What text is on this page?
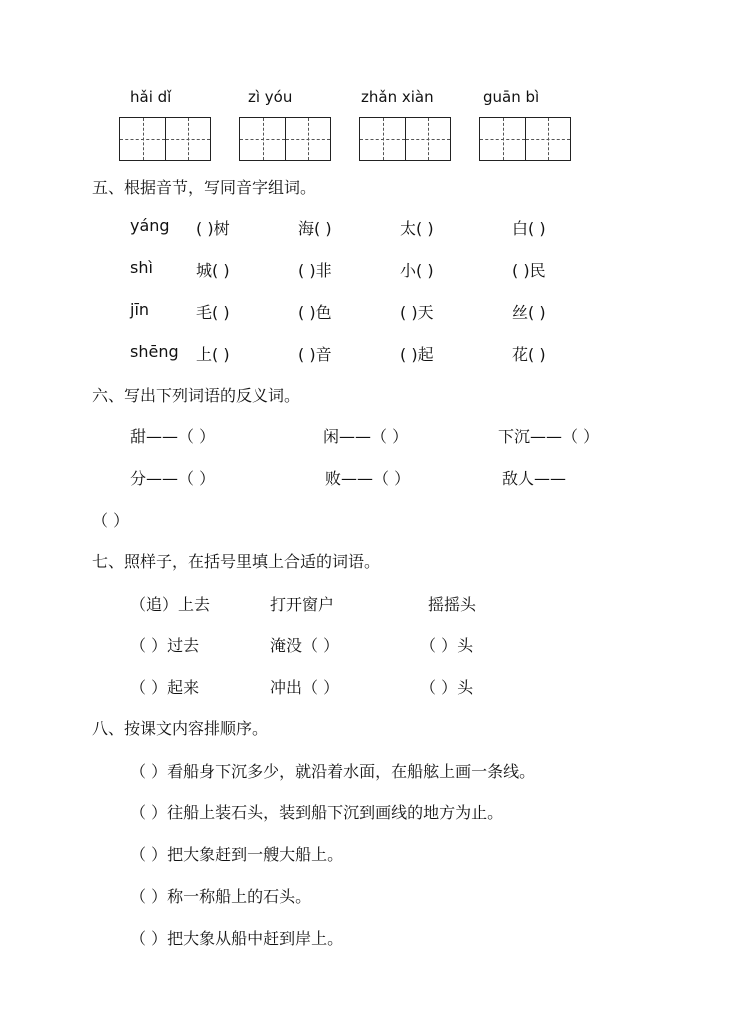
hǎi dǐ	zì yóu	zhǎn xiàn	guān bì
五、根据音节，写同音字组词。
yáng ( )树	海( )	太( )	白( )
shì	城( )	( )非	小( )	( )民
jīn	毛( )	( )色	( )天	丝( )
shēng 上( )	( )音	( )起	花( )
六、写出下列词语的反义词。
甜——（ ）	闲——（ ）	下沉——（ ）
分——（ ）	败——（ ）	敌人——
（ ）
七、照样子，在括号里填上合适的词语。
（追）上去	打开窗户	摇摇头
（ ）过去	淹没（ ）	（ ）头
（ ）起来	冲出（ ）	（ ）头
八、按课文内容排顺序。
（ ）看船身下沉多少，就沿着水面，在船舷上画一条线。
（ ）往船上装石头，装到船下沉到画线的地方为止。
（ ）把大象赶到一艘大船上。
（ ）称一称船上的石头。
（ ）把大象从船中赶到岸上。
